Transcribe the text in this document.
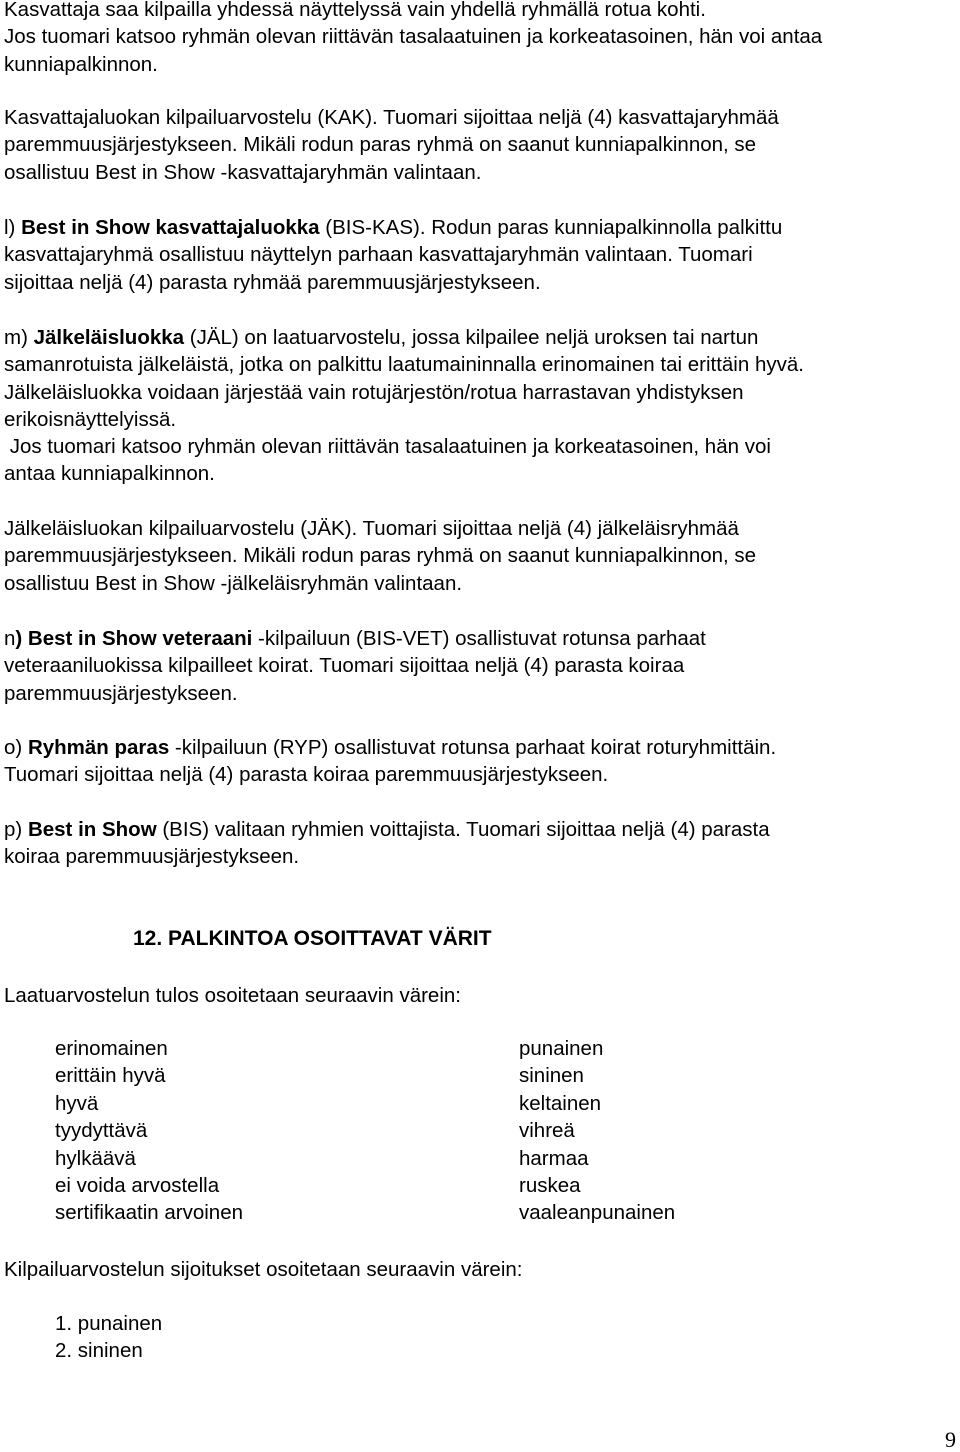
Kasvattaja saa kilpailla yhdessä näyttelyssä vain yhdellä ryhmällä rotua kohti.
Jos tuomari katsoo ryhmän olevan riittävän tasalaatuinen ja korkeatasoinen, hän voi antaa
kunniapalkinnon.

Kasvattajaluokan kilpailuarvostelu (KAK). Tuomari sijoittaa neljä (4) kasvattajaryhmää
paremmuusjärjestykseen. Mikäli rodun paras ryhmä on saanut kunniapalkinnon, se
osallistuu Best in Show -kasvattajaryhmän valintaan.

l) Best in Show kasvattajaluokka (BIS-KAS). Rodun paras kunniapalkinnolla palkittu
kasvattajaryhmä osallistuu näyttelyn parhaan kasvattajaryhmän valintaan. Tuomari
sijoittaa neljä (4) parasta ryhmää paremmuusjärjestykseen.

m) Jälkeläisluokka (JÄL) on laatuarvostelu, jossa kilpailee neljä uroksen tai nartun
samanrotuista jälkeläistä, jotka on palkittu laatumaininnalla erinomainen tai erittäin hyvä.
Jälkeläisluokka voidaan järjestää vain rotujärjestön/rotua harrastavan yhdistyksen
erikoisnäyttelyissä.
Jos tuomari katsoo ryhmän olevan riittävän tasalaatuinen ja korkeatasoinen, hän voi
antaa kunniapalkinnon.

Jälkeläisluokan kilpailuarvostelu (JÄK). Tuomari sijoittaa neljä (4) jälkeläisryhmää
paremmuusjärjestykseen. Mikäli rodun paras ryhmä on saanut kunniapalkinnon, se
osallistuu Best in Show -jälkeläisryhmän valintaan.

n) Best in Show veteraani -kilpailuun (BIS-VET) osallistuvat rotunsa parhaat
veteraaniluokissa kilpailleet koirat. Tuomari sijoittaa neljä (4) parasta koiraa
paremmuusjärjestykseen.

o) Ryhmän paras -kilpailuun (RYP) osallistuvat rotunsa parhaat koirat roturyhmittäin.
Tuomari sijoittaa neljä (4) parasta koiraa paremmuusjärjestykseen.

p) Best in Show (BIS) valitaan ryhmien voittajista. Tuomari sijoittaa neljä (4) parasta
koiraa paremmuusjärjestykseen.

12. PALKINTOA OSOITTAVAT VÄRIT

Laatuarvostelun tulos osoitetaan seuraavin värein:

erinomainen
erittäin hyvä
hyvä
tyydyttävä
hylkäävä
ei voida arvostella
sertifikaatin arvoinen
punainen
sininen
keltainen
vihreä
harmaa
ruskea
vaaleanpunainen

Kilpailuarvostelun sijoitukset osoitetaan seuraavin värein:

1. punainen
2. sininen
9
